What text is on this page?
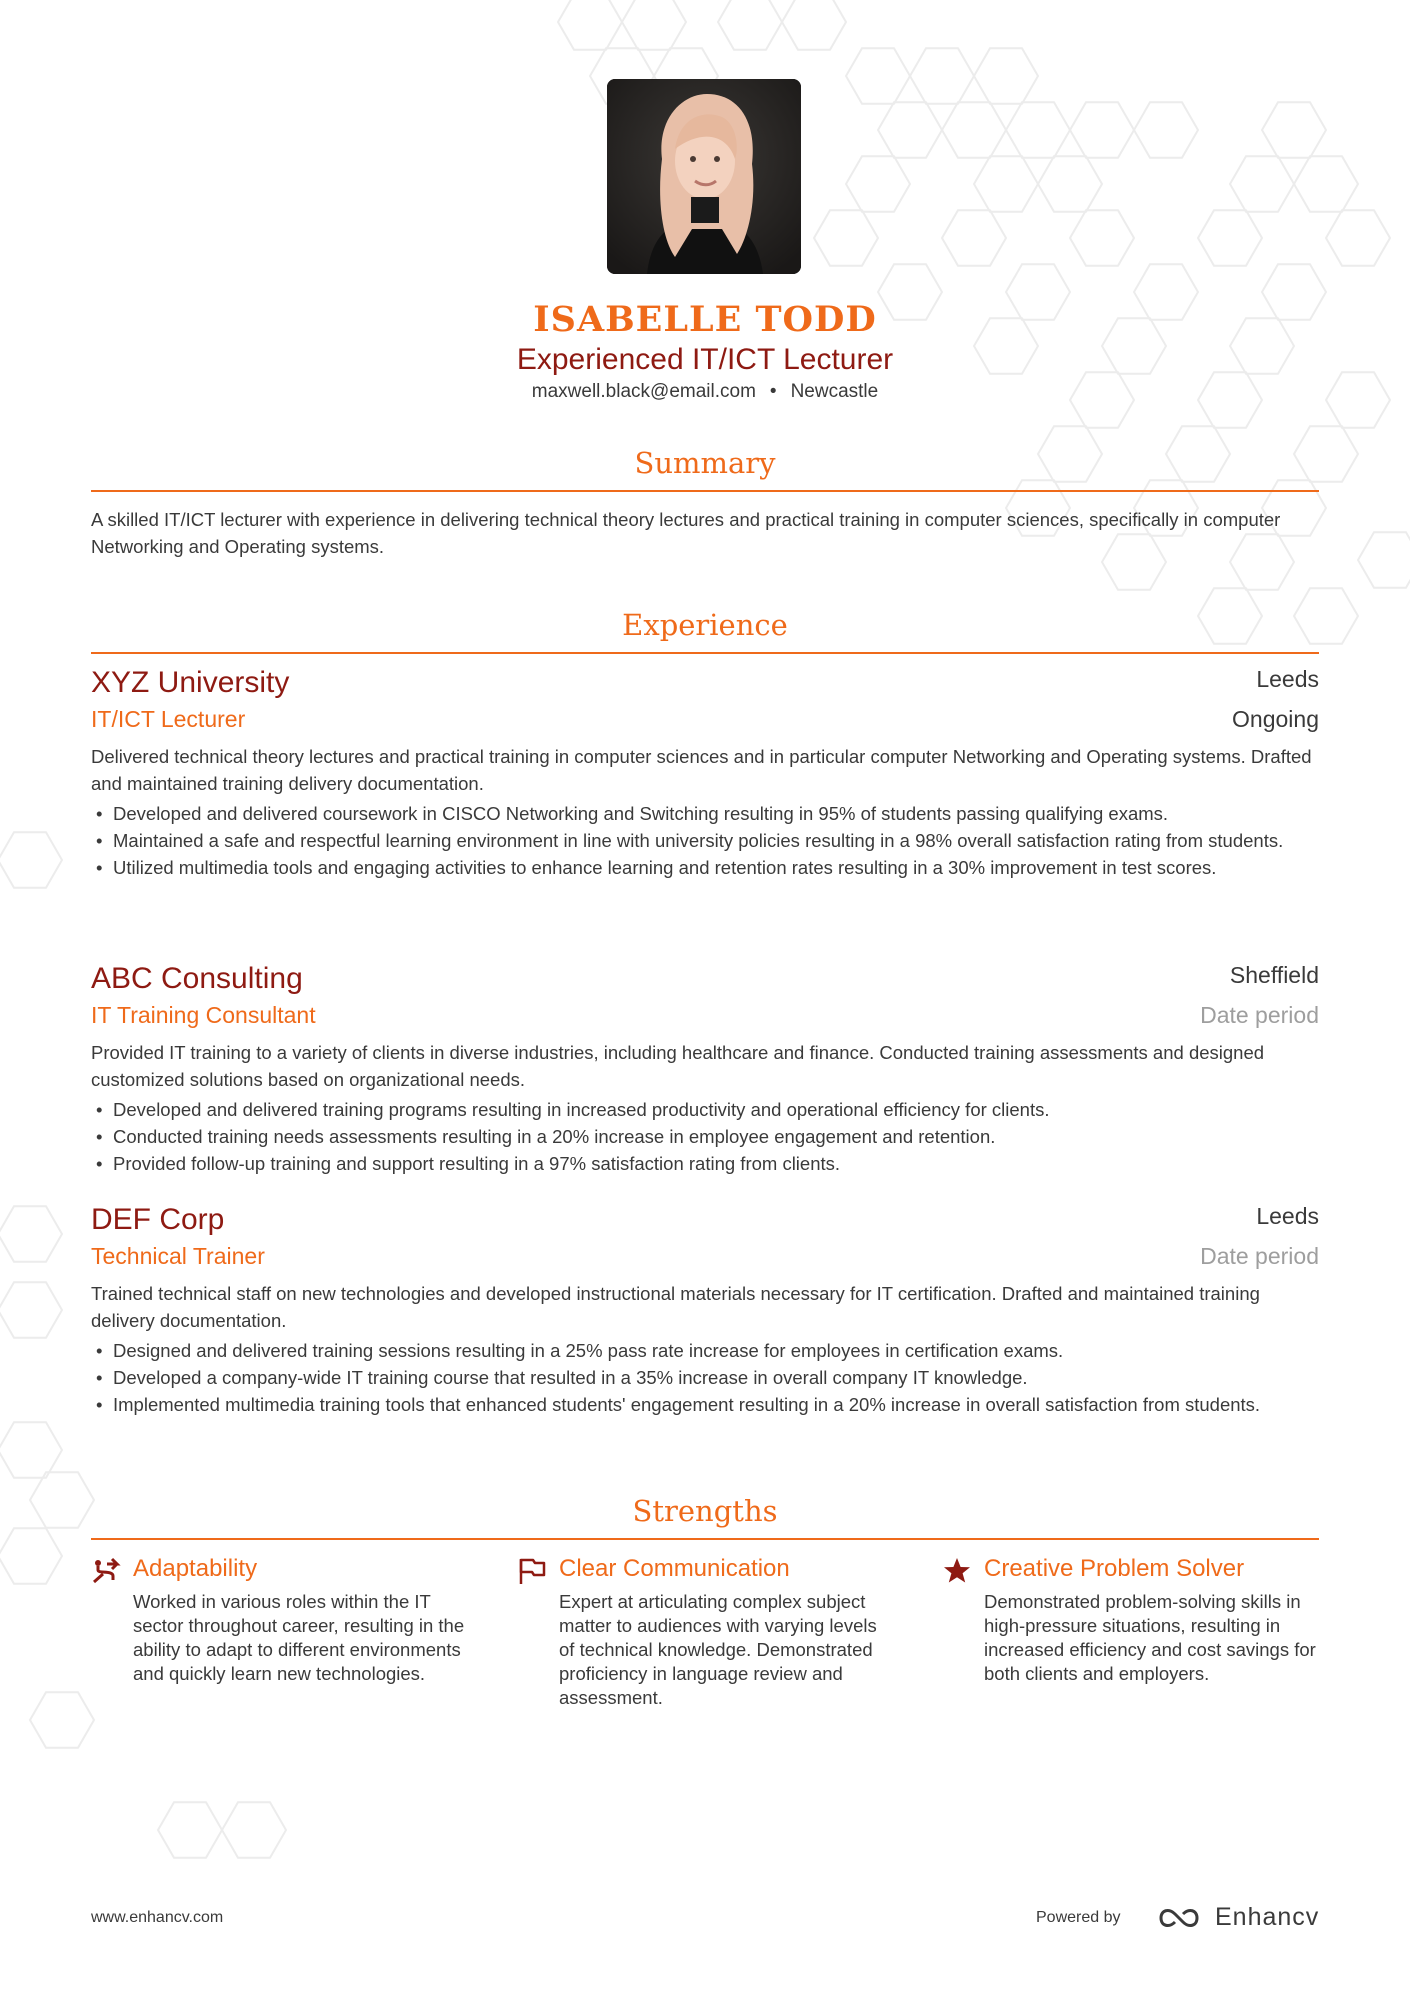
ISABELLE TODD
Experienced IT/ICT Lecturer
maxwell.black@email.com • Newcastle
Summary
A skilled IT/ICT lecturer with experience in delivering technical theory lectures and practical training in computer sciences, specifically in computer Networking and Operating systems.
Experience
XYZ University	Leeds
IT/ICT Lecturer	Ongoing
Delivered technical theory lectures and practical training in computer sciences and in particular computer Networking and Operating systems. Drafted and maintained training delivery documentation.
• Developed and delivered coursework in CISCO Networking and Switching resulting in 95% of students passing qualifying exams.
• Maintained a safe and respectful learning environment in line with university policies resulting in a 98% overall satisfaction rating from students.
• Utilized multimedia tools and engaging activities to enhance learning and retention rates resulting in a 30% improvement in test scores.
ABC Consulting	Sheffield
IT Training Consultant	Date period
Provided IT training to a variety of clients in diverse industries, including healthcare and finance. Conducted training assessments and designed customized solutions based on organizational needs.
• Developed and delivered training programs resulting in increased productivity and operational efficiency for clients.
• Conducted training needs assessments resulting in a 20% increase in employee engagement and retention.
• Provided follow-up training and support resulting in a 97% satisfaction rating from clients.
DEF Corp	Leeds
Technical Trainer	Date period
Trained technical staff on new technologies and developed instructional materials necessary for IT certification. Drafted and maintained training delivery documentation.
• Designed and delivered training sessions resulting in a 25% pass rate increase for employees in certification exams.
• Developed a company-wide IT training course that resulted in a 35% increase in overall company IT knowledge.
• Implemented multimedia training tools that enhanced students' engagement resulting in a 20% increase in overall satisfaction from students.
Strengths
Adaptability
Worked in various roles within the IT sector throughout career, resulting in the ability to adapt to different environments and quickly learn new technologies.
Clear Communication
Expert at articulating complex subject matter to audiences with varying levels of technical knowledge. Demonstrated proficiency in language review and assessment.
Creative Problem Solver
Demonstrated problem-solving skills in high-pressure situations, resulting in increased efficiency and cost savings for both clients and employers.
www.enhancv.com	Powered by	Enhancv
